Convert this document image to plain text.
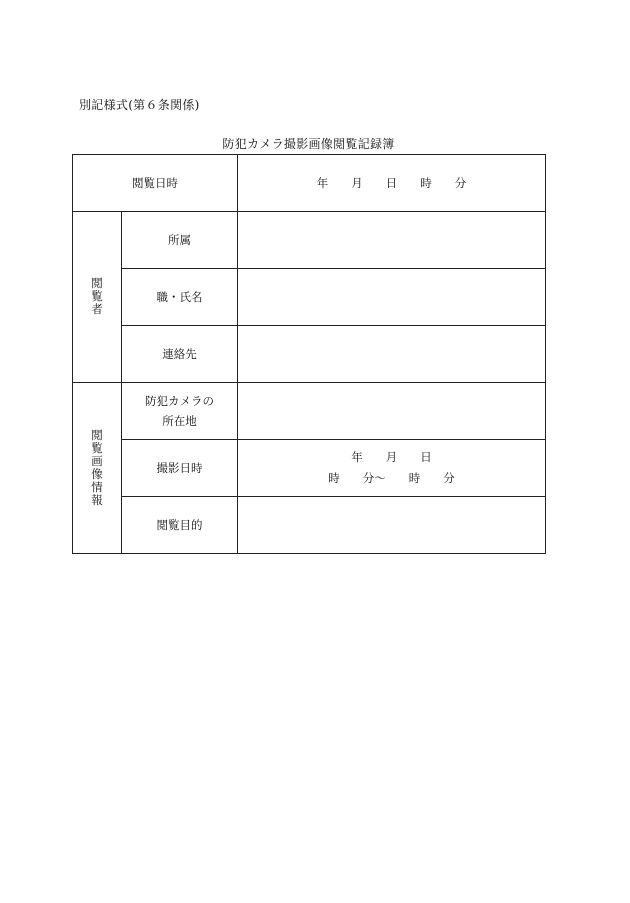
別記様式(第６条関係)
防犯カメラ撮影画像閲覧記録簿
閲覧日時		年　　月　　日　　時　　分
閲覧者	所属	
	職・氏名	
	連絡先	
閲覧画像情報	防犯カメラの
所在地	

	撮影日時	年　　月　　日
時　　分〜　　時　　分

	閲覧目的	
